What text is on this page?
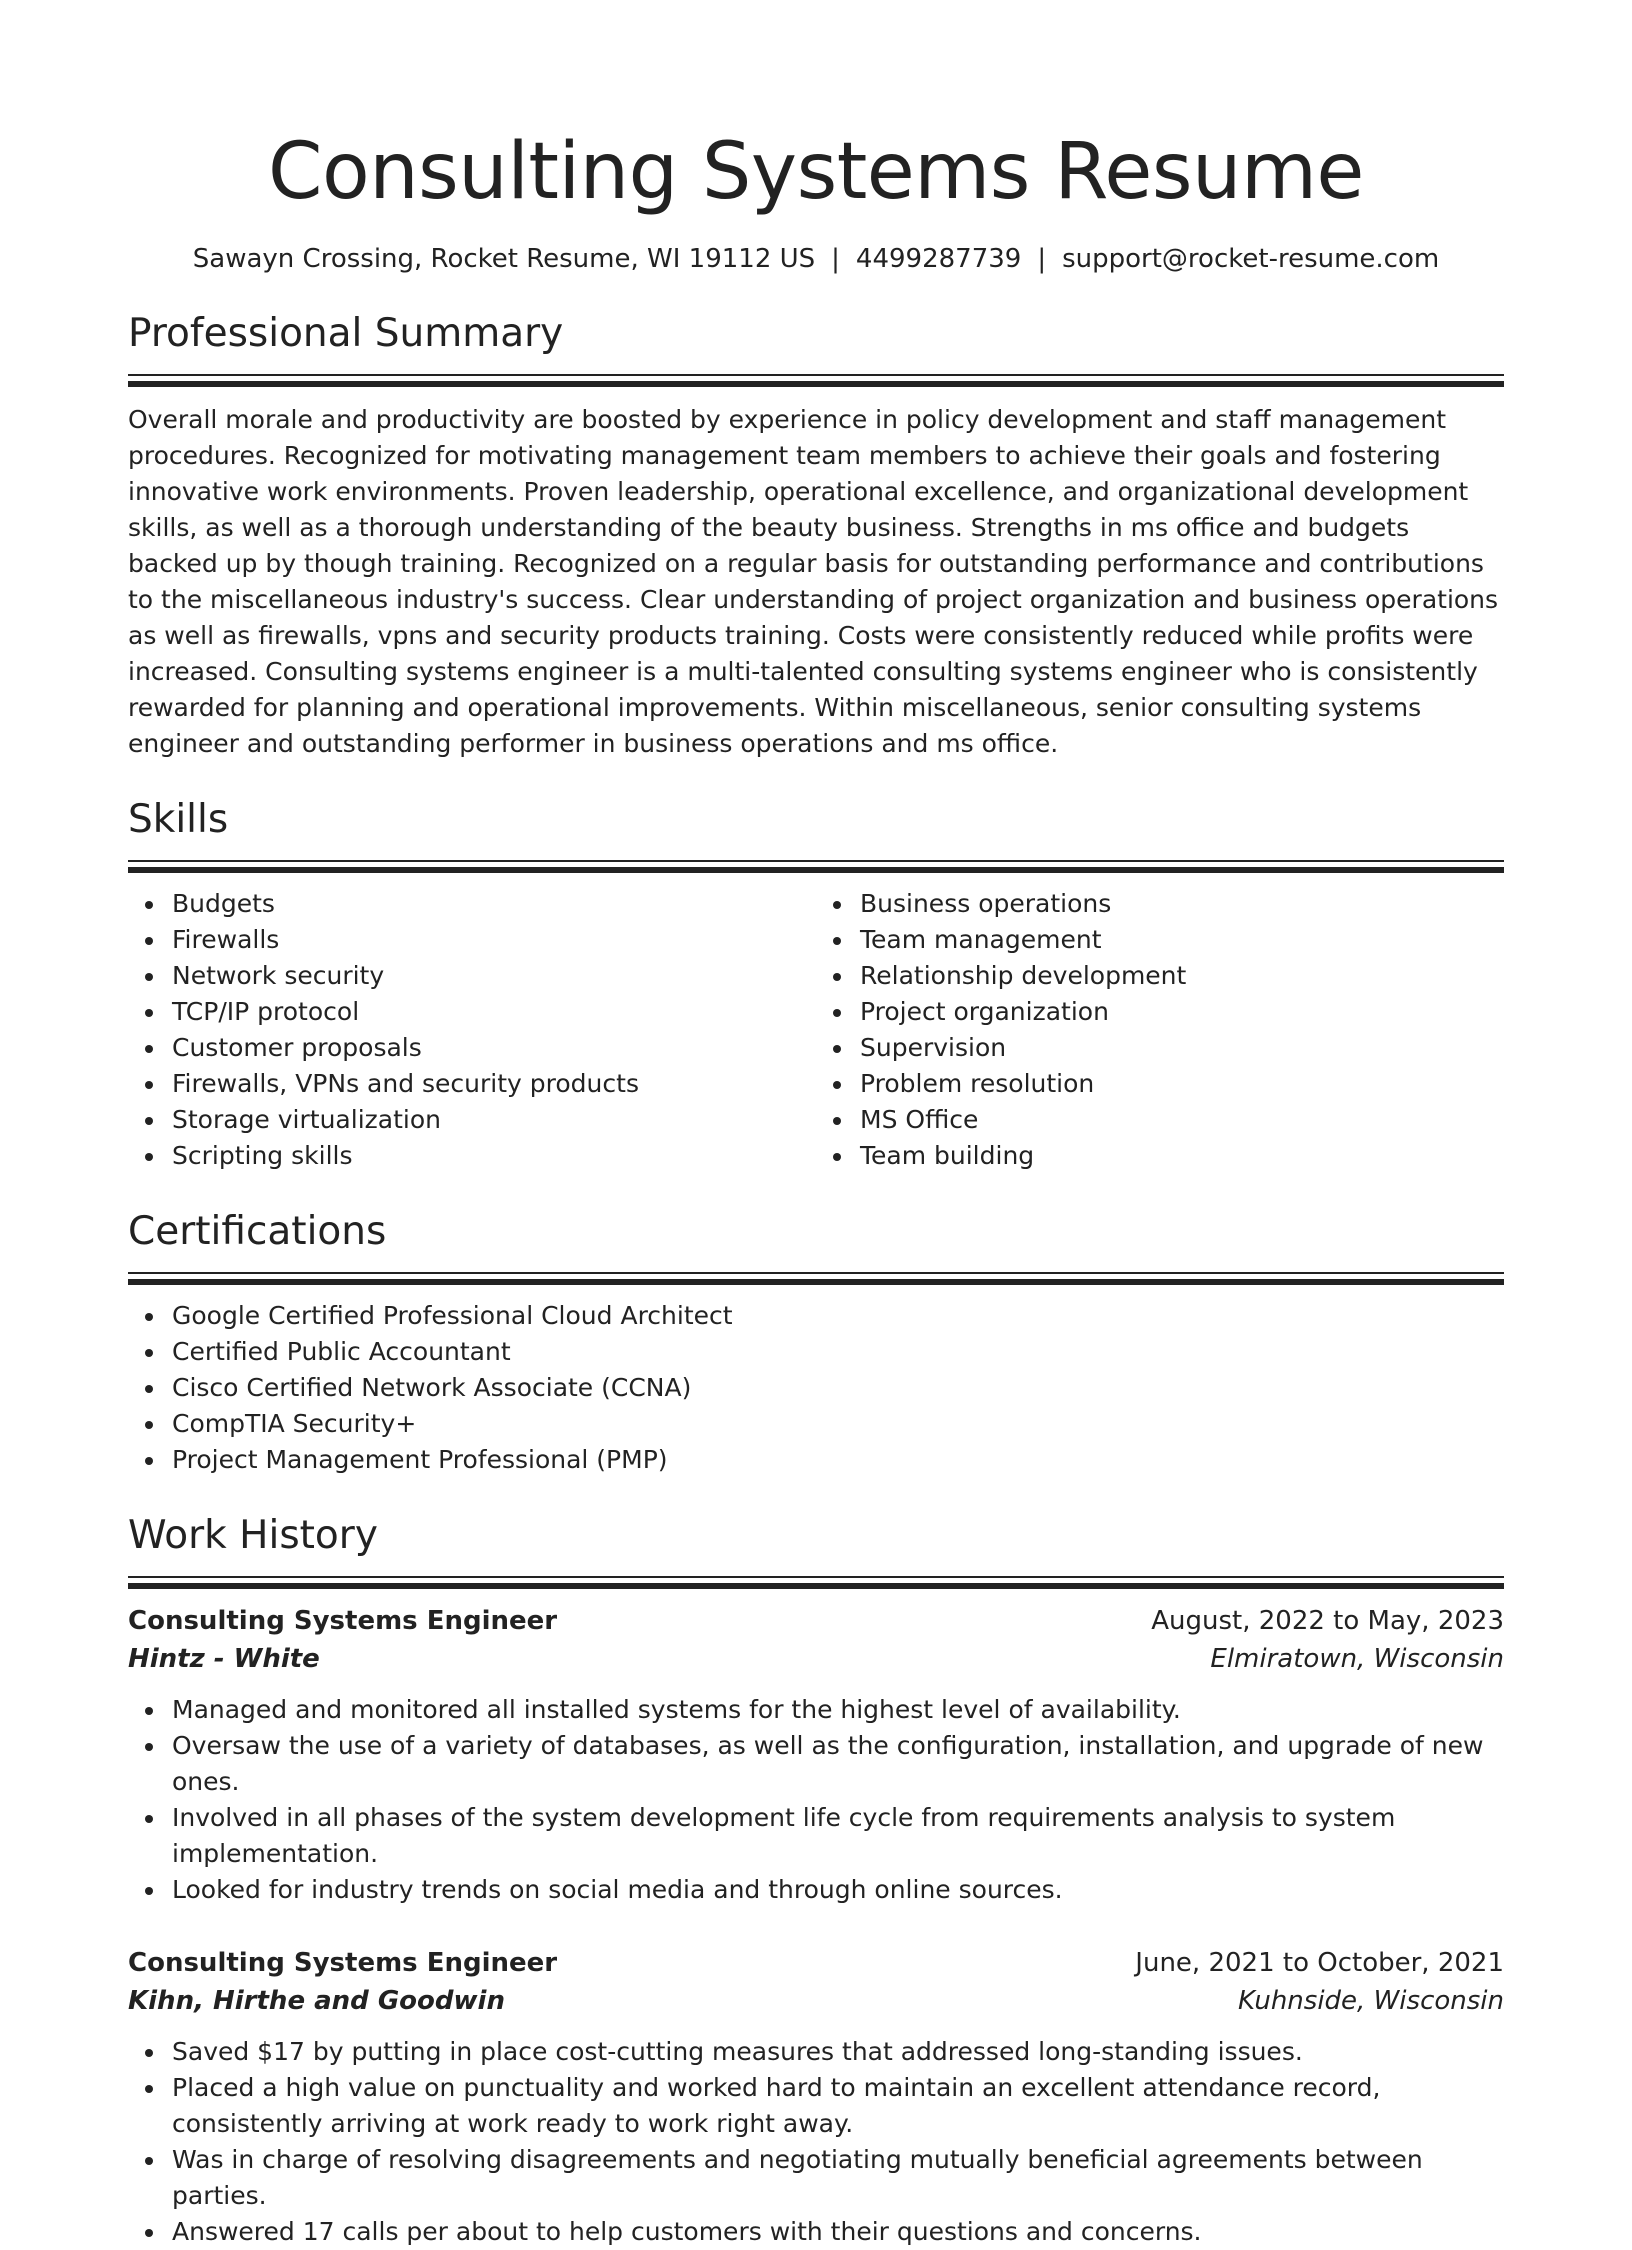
Consulting Systems Resume
Sawayn Crossing, Rocket Resume, WI 19112 US | 4499287739 | support@rocket-resume.com
Professional Summary

Overall morale and productivity are boosted by experience in policy development and staff management procedures. Recognized for motivating management team members to achieve their goals and fostering innovative work environments. Proven leadership, operational excellence, and organizational development skills, as well as a thorough understanding of the beauty business. Strengths in ms office and budgets backed up by though training. Recognized on a regular basis for outstanding performance and contributions to the miscellaneous industry's success. Clear understanding of project organization and business operations as well as firewalls, vpns and security products training. Costs were consistently reduced while profits were increased. Consulting systems engineer is a multi-talented consulting systems engineer who is consistently rewarded for planning and operational improvements. Within miscellaneous, senior consulting systems engineer and outstanding performer in business operations and ms office.

Skills
Budgets
Firewalls
Network security
TCP/IP protocol
Customer proposals
Firewalls, VPNs and security products
Storage virtualization
Scripting skills
Business operations
Team management
Relationship development
Project organization
Supervision
Problem resolution
MS Office
Team building
Certifications
Google Certified Professional Cloud Architect
Certified Public Accountant
Cisco Certified Network Associate (CCNA)
CompTIA Security+
Project Management Professional (PMP)
Work History
Consulting Systems Engineer	August, 2022 to May, 2023
Hintz - White	Elmiratown, Wisconsin
Managed and monitored all installed systems for the highest level of availability.
Oversaw the use of a variety of databases, as well as the configuration, installation, and upgrade of new ones.
Involved in all phases of the system development life cycle from requirements analysis to system implementation.
Looked for industry trends on social media and through online sources.
Consulting Systems Engineer	June, 2021 to October, 2021
Kihn, Hirthe and Goodwin	Kuhnside, Wisconsin
Saved $17 by putting in place cost-cutting measures that addressed long-standing issues.
Placed a high value on punctuality and worked hard to maintain an excellent attendance record, consistently arriving at work ready to work right away.
Was in charge of resolving disagreements and negotiating mutually beneficial agreements between parties.
Answered 17 calls per about to help customers with their questions and concerns.
